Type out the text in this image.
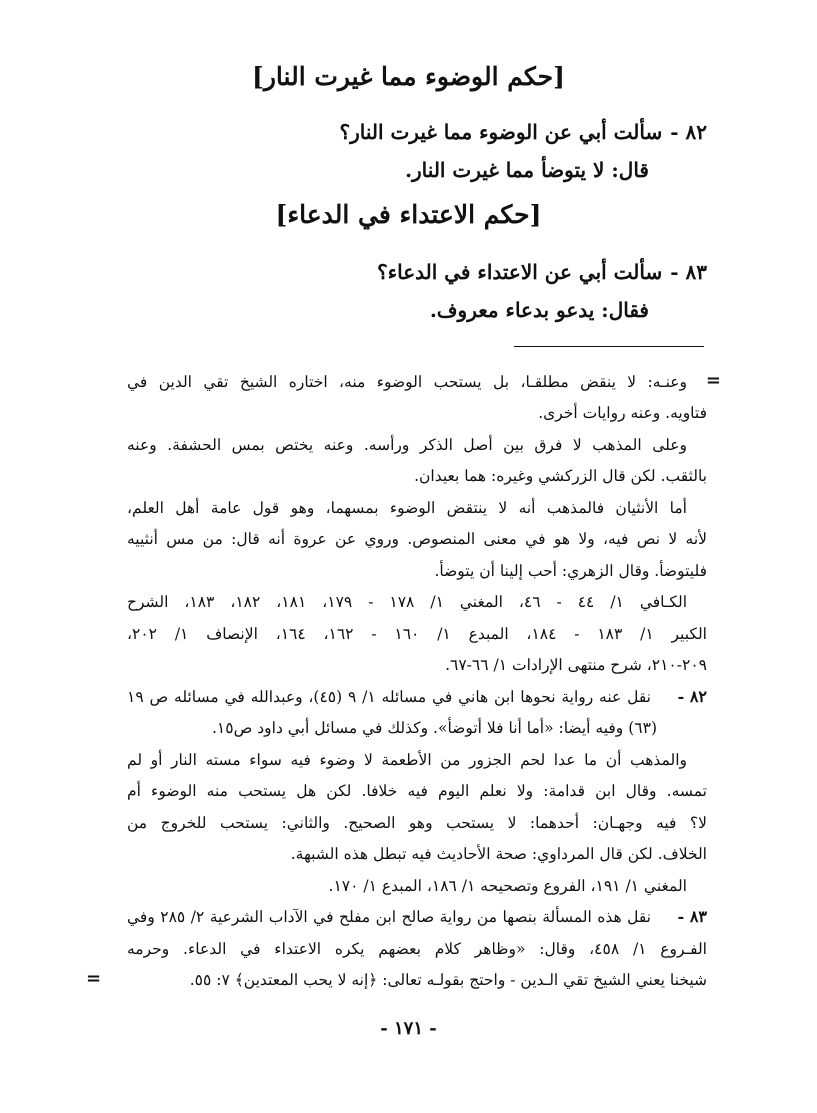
[حكم الوضوء مما غيرت النار]
٨٢ -سألت أبي عن الوضوء مما غيرت النار؟
قال: لا يتوضأ مما غيرت النار.
[حكم الاعتداء في الدعاء]
٨٣ -سألت أبي عن الاعتداء في الدعاء؟
فقال: يدعو بدعاء معروف.
=
وعنـه: لا ينقض مطلقـا، بل يستحب الوضوء منه، اختاره الشيخ تقي الدين في
فتاويه. وعنه روايات أخرى.
وعلى المذهب لا فرق بين أصل الذكر ورأسه. وعنه يختص بمس الحشفة. وعنه
بالثقب. لكن قال الزركشي وغيره: هما بعيدان.
أما الأنثيان فالمذهب أنه لا ينتقض الوضوء بمسهما، وهو قول عامة أهل العلم،
لأنه لا نص فيه، ولا هو في معنى المنصوص. وروي عن عروة أنه قال: من مس أنثييه
فليتوضأ. وقال الزهري: أحب إلينا أن يتوضأ.
الكـافي ١/ ٤٤ - ٤٦، المغني ١/ ١٧٨ - ١٧٩، ١٨١، ١٨٢، ١٨٣، الشرح
الكبير ١/ ١٨٣ - ١٨٤، المبدع ١/ ١٦٠ - ١٦٢، ١٦٤، الإنصاف ١/ ٢٠٢،
٢٠٩-٢١٠، شرح منتهى الإرادات ١/ ٦٦-٦٧.
٨٢ -
نقل عنه رواية نحوها ابن هاني في مسائله ١/ ٩ (٤٥)، وعبدالله في مسائله ص ١٩
(٦٣) وفيه أيضا: «أما أنا فلا أتوضأ». وكذلك في مسائل أبي داود ص١٥.
والمذهب أن ما عدا لحم الجزور من الأطعمة لا وضوء فيه سواء مسته النار أو لم
تمسه. وقال ابن قدامة: ولا نعلم اليوم فيه خلافا. لكن هل يستحب منه الوضوء أم
لا؟ فيه وجهـان: أحدهما: لا يستحب وهو الصحيح. والثاني: يستحب للخروج من
الخلاف. لكن قال المرداوي: صحة الأحاديث فيه تبطل هذه الشبهة.
المغني ١/ ١٩١، الفروع وتصحيحه ١/ ١٨٦، المبدع ١/ ١٧٠.
٨٣ -
نقل هذه المسألة بنصها من رواية صالح ابن مفلح في الآداب الشرعية ٢/ ٢٨٥ وفي
الفـروع ١/ ٤٥٨، وقال: «وظاهر كلام بعضهم يكره الاعتداء في الدعاء. وحرمه
شيخنا يعني الشيخ تقي الـدين - واحتج بقولـه تعالى: ﴿إنه لا يحب المعتدين﴾ ٧: ٥٥.
=
- ١٧١ -
